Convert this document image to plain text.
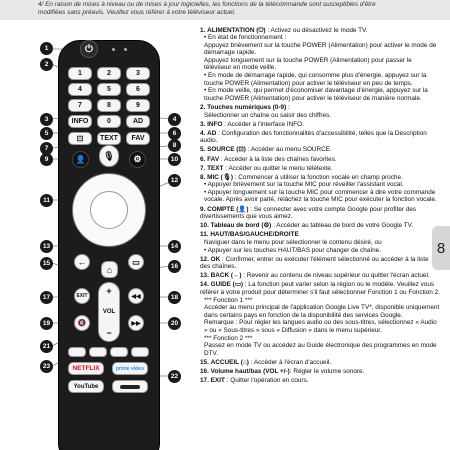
4/ En raison de mises à niveau ou de mises à jour logicielles, les fonctions de la télécommande sont susceptibles d'être
modifiées sans préavis. Veuillez vous référer à votre téléviseur actuel.
⏻
1	2	3
4	5	6
7	8	9
INFO	0	AD
⊡	TEXT	FAV
👤 🎙 ⚙
←
⌂
▭
EXIT +
VOL
−
◀◀
🔇	▶▶
NETFLIX	prime video
YouTube
1
2
3	4
5	6
7	8
9	10
11
12
13	14
15	16
17	18
19	20
21
22
23

1. ALIMENTATION (⏻) : Activez ou désactivez le mode TV.

• En état de fonctionnement :

Appuyez brièvement sur la touche POWER (Alimentation) pour activer le mode de démarrage rapide.

Appuyez longuement sur la touche POWER (Alimentation) pour passer le téléviseur en mode veille.

• En mode de démarrage rapide, qui consomme plus d'énergie, appuyez sur la touche POWER (Alimentation) pour activer le téléviseur en peu de temps.

• En mode veille, qui permet d'économiser davantage d'énergie, appuyez sur la touche POWER (Alimentation) pour activer le téléviseur de manière normale.

2. Touches numériques (0-9) :

Sélectionner un chaîne ou saisir des chiffres.

3. INFO : Accéder à l'interface INFO.

4. AD : Configuration des fonctionnalités d'accessibilité, telles que la Description audio.

5. SOURCE (⊡) : Accéder au menu SOURCE.

6. FAV : Accéder à la liste des chaînes favorites.

7. TEXT : Accéder ou quitter le menu télétexte.

8. MIC (🎙) : Commencer à utiliser la fonction vocale en champ proche.

• Appuyer brièvement sur la touche MIC pour réveiller l'assistant vocal.

• Appuyer longuement sur la touche MIC pour commencer à dire votre commande vocale. Après avoir parlé, relâchez la touche MIC pour exécuter la fonction vocale.

9. COMPTE (👤) : Se connecter avec votre compte Google pour profiter des divertissements que vous aimez.

10. Tableau de bord (⚙) : Accéder au tableau de bord de votre Google TV.

11. HAUT/BAS/GAUCHE/DROITE

Naviguer dans le menu pour sélectionner le contenu désiré, ou

• Appuyer sur les touches HAUT/BAS pour changer de chaîne.

12. OK : Confirmer, entrer ou exécuter l'élément sélectionné ou accéder à la liste des chaînes.

13. BACK (←) : Revenir au contenu de niveau supérieur ou quitter l'écran actuel.

14. GUIDE (▭) : La fonction peut varier selon la région ou le modèle. Veuillez vous référer à votre produit pour déterminer s'il faut sélectionner Fonction 1 ou Fonction 2.

*** Fonction 1 ***

Accéder au menu principal de l'application Google Live TV*, disponible uniquement dans certains pays en fonction de la disponibilité des services Google.

Remarque : Pour régler les langues audio ou des sous-titres, sélectionnez « Audio » ou « Sous-titres » sous « Diffusion » dans le menu supérieur.

*** Fonction 2 ***

Passez en mode TV ou accédez au Guide électronique des programmes en mode DTV.

15. ACCUEIL (⌂) : Accéder à l'écran d'accueil.

16. Volume haut/bas (VOL +/-): Régler le volume sonore.

17. EXIT : Quitter l'opération en cours.

8
